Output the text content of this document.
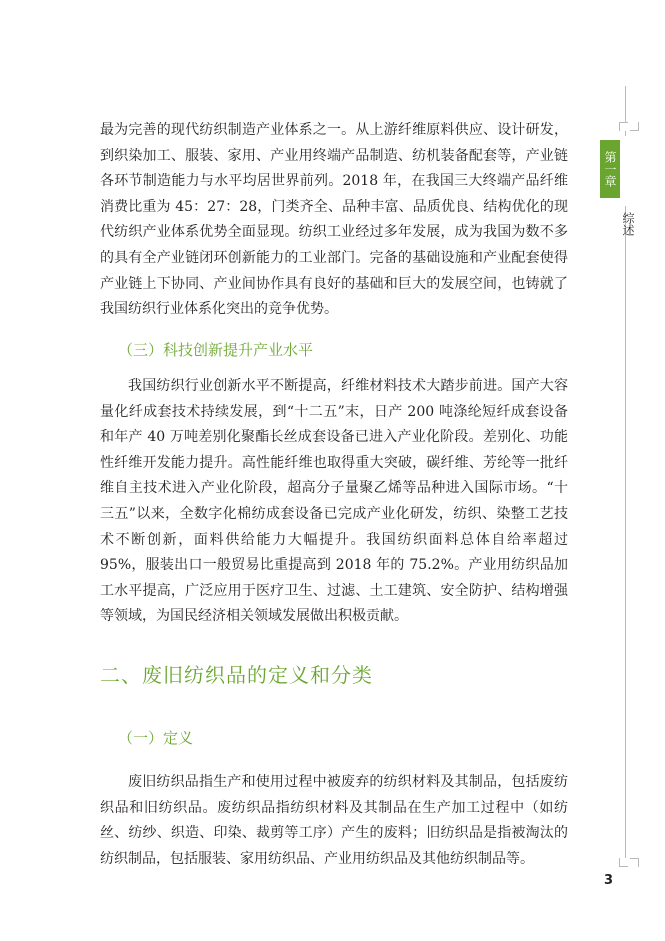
最为完善的现代纺织制造产业体系之一。从上游纤维原料供应、设计研发，到织染加工、服装、家用、产业用终端产品制造、纺机装备配套等，产业链各环节制造能力与水平均居世界前列。2018 年，在我国三大终端产品纤维消费比重为 45：27：28，门类齐全、品种丰富、品质优良、结构优化的现代纺织产业体系优势全面显现。纺织工业经过多年发展，成为我国为数不多的具有全产业链闭环创新能力的工业部门。完备的基础设施和产业配套使得产业链上下协同、产业间协作具有良好的基础和巨大的发展空间，也铸就了我国纺织行业体系化突出的竞争优势。

（三）科技创新提升产业水平

我国纺织行业创新水平不断提高，纤维材料技术大踏步前进。国产大容量化纤成套技术持续发展，到“十二五”末，日产 200 吨涤纶短纤成套设备和年产 40 万吨差别化聚酯长丝成套设备已进入产业化阶段。差别化、功能性纤维开发能力提升。高性能纤维也取得重大突破，碳纤维、芳纶等一批纤维自主技术进入产业化阶段，超高分子量聚乙烯等品种进入国际市场。“十三五”以来，全数字化棉纺成套设备已完成产业化研发，纺织、染整工艺技术不断创新，面料供给能力大幅提升。我国纺织面料总体自给率超过 95%，服装出口一般贸易比重提高到 2018 年的 75.2%。产业用纺织品加工水平提高，广泛应用于医疗卫生、过滤、土工建筑、安全防护、结构增强等领域，为国民经济相关领域发展做出积极贡献。

二、废旧纺织品的定义和分类
（一）定义

废旧纺织品指生产和使用过程中被废弃的纺织材料及其制品，包括废纺织品和旧纺织品。废纺织品指纺织材料及其制品在生产加工过程中（如纺丝、纺纱、织造、印染、裁剪等工序）产生的废料；旧纺织品是指被淘汰的纺织制品，包括服装、家用纺织品、产业用纺织品及其他纺织制品等。

第一章
综述
3
